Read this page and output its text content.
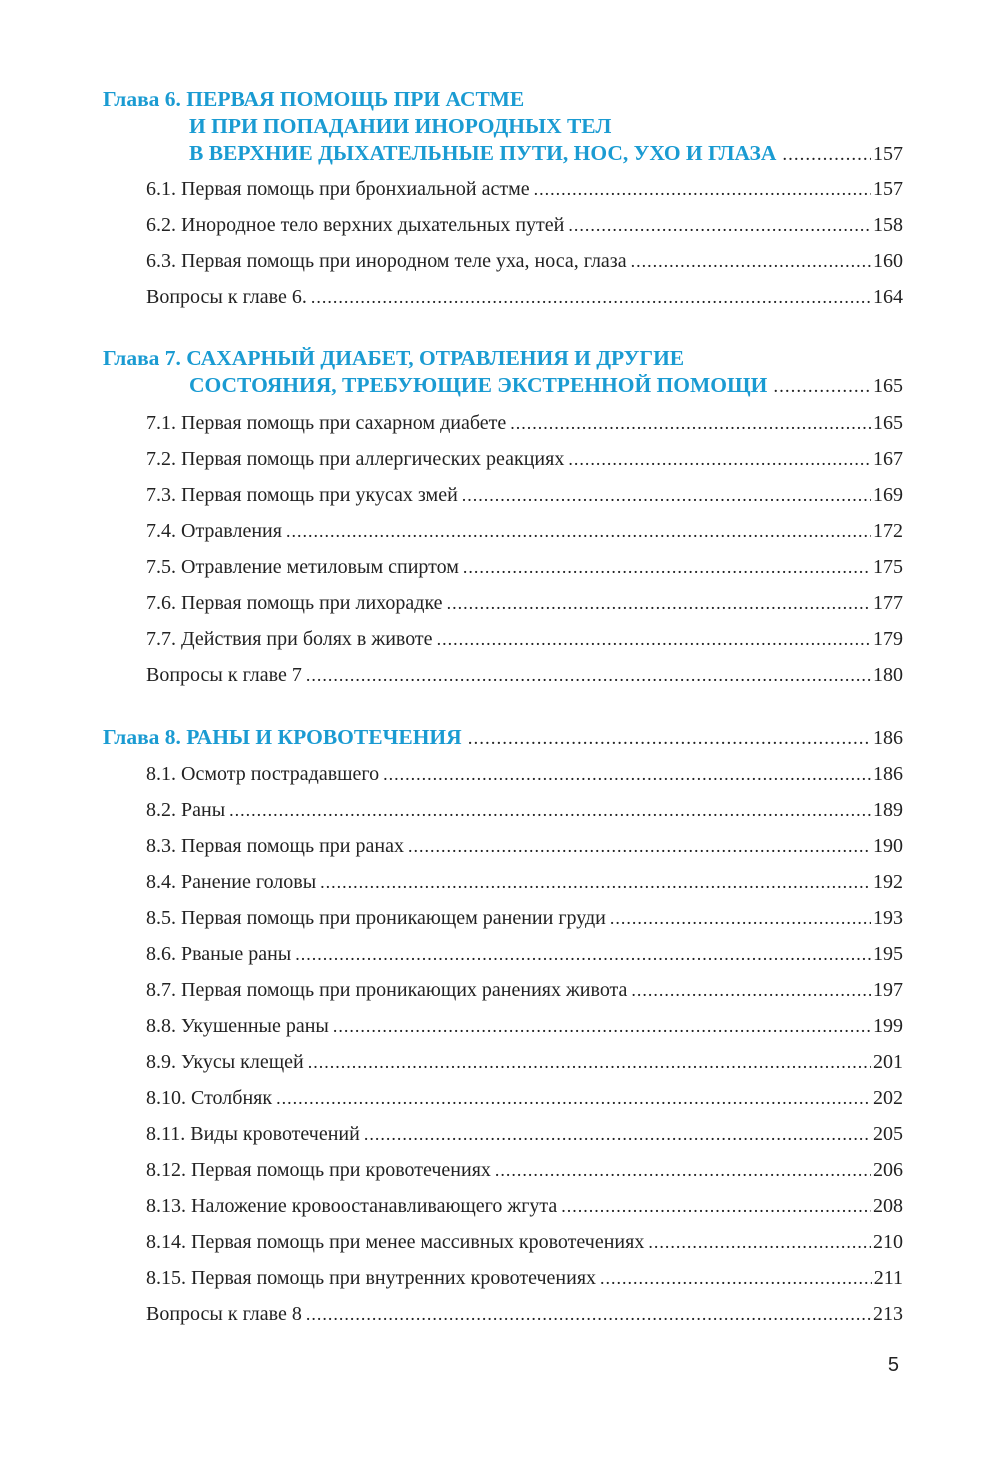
Глава 6. ПЕРВАЯ ПОМОЩЬ ПРИ АСТМЕ
И ПРИ ПОПАДАНИИ ИНОРОДНЫХ ТЕЛ
В ВЕРХНИЕ ДЫХАТЕЛЬНЫЕ ПУТИ, НОС, УХО И ГЛАЗА .....	157
6.1. Первая помощь при бронхиальной астме .....	157
6.2. Инородное тело верхних дыхательных путей .....	158
6.3. Первая помощь при инородном теле уха, носа, глаза .....	160
Вопросы к главе 6. .....	164
Глава 7. САХАРНЫЙ ДИАБЕТ, ОТРАВЛЕНИЯ И ДРУГИЕ
СОСТОЯНИЯ, ТРЕБУЮЩИЕ ЭКСТРЕННОЙ ПОМОЩИ .....	165
7.1. Первая помощь при сахарном диабете .....	165
7.2. Первая помощь при аллергических реакциях .....	167
7.3. Первая помощь при укусах змей .....	169
7.4. Отравления .....	172
7.5. Отравление метиловым спиртом .....	175
7.6. Первая помощь при лихорадке .....	177
7.7. Действия при болях в животе .....	179
Вопросы к главе 7 .....	180
Глава 8. РАНЫ И КРОВОТЕЧЕНИЯ .....	186
8.1. Осмотр пострадавшего .....	186
8.2. Раны .....	189
8.3. Первая помощь при ранах .....	190
8.4. Ранение головы .....	192
8.5. Первая помощь при проникающем ранении груди .....	193
8.6. Рваные раны .....	195
8.7. Первая помощь при проникающих ранениях живота .....	197
8.8. Укушенные раны .....	199
8.9. Укусы клещей .....	201
8.10. Столбняк .....	202
8.11. Виды кровотечений .....	205
8.12. Первая помощь при кровотечениях .....	206
8.13. Наложение кровоостанавливающего жгута .....	208
8.14. Первая помощь при менее массивных кровотечениях .....	210
8.15. Первая помощь при внутренних кровотечениях .....	211
Вопросы к главе 8 .....	213
5
